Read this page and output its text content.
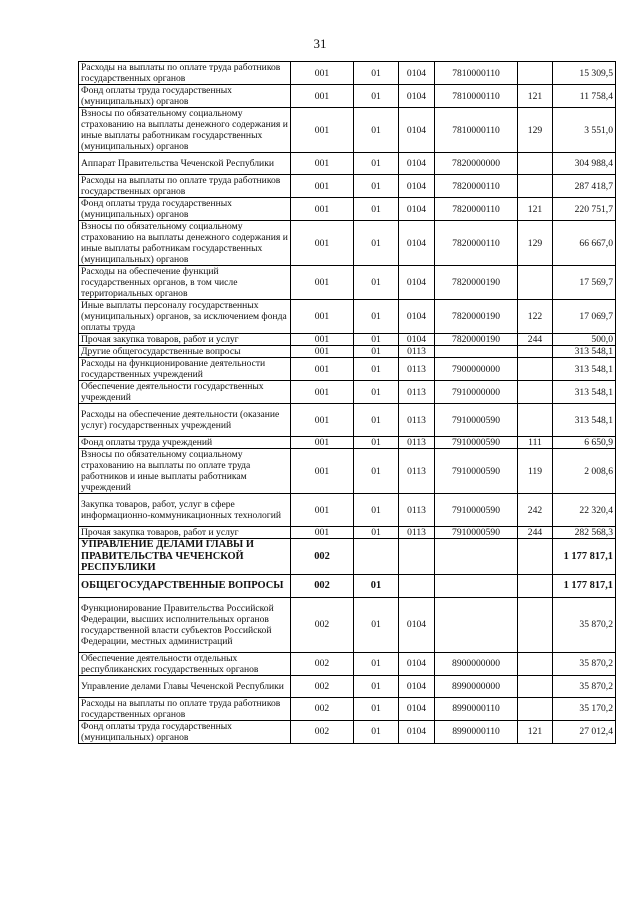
31
Расходы на выплаты по оплате труда работников государственных органов	001	01	0104	7810000110		15 309,5
Фонд оплаты труда государственных (муниципальных) органов	001	01	0104	7810000110	121	11 758,4
Взносы по обязательному социальному страхованию на выплаты денежного содержания и иные выплаты работникам государственных (муниципальных) органов	001	01	0104	7810000110	129	3 551,0
Аппарат Правительства Чеченской Республики	001	01	0104	7820000000		304 988,4
Расходы на выплаты по оплате труда работников государственных органов	001	01	0104	7820000110		287 418,7
Фонд оплаты труда государственных (муниципальных) органов	001	01	0104	7820000110	121	220 751,7
Взносы по обязательному социальному страхованию на выплаты денежного содержания и иные выплаты работникам государственных (муниципальных) органов	001	01	0104	7820000110	129	66 667,0
Расходы на обеспечение функций государственных органов, в том числе территориальных органов	001	01	0104	7820000190		17 569,7
Иные выплаты персоналу государственных (муниципальных) органов, за исключением фонда оплаты труда	001	01	0104	7820000190	122	17 069,7
Прочая закупка товаров, работ и услуг	001	01	0104	7820000190	244	500,0
Другие общегосударственные вопросы	001	01	0113			313 548,1
Расходы на функционирование деятельности государственных учреждений	001	01	0113	7900000000		313 548,1
Обеспечение деятельности государственных учреждений	001	01	0113	7910000000		313 548,1
Расходы на обеспечение деятельности (оказание услуг) государственных учреждений	001	01	0113	7910000590		313 548,1
Фонд оплаты труда учреждений	001	01	0113	7910000590	111	6 650,9
Взносы по обязательному социальному страхованию на выплаты по оплате труда работников и иные выплаты работникам учреждений	001	01	0113	7910000590	119	2 008,6
Закупка товаров, работ, услуг в сфере информационно-коммуникационных технологий	001	01	0113	7910000590	242	22 320,4
Прочая закупка товаров, работ и услуг	001	01	0113	7910000590	244	282 568,3
УПРАВЛЕНИЕ ДЕЛАМИ ГЛАВЫ И ПРАВИТЕЛЬСТВА ЧЕЧЕНСКОЙ РЕСПУБЛИКИ	002					1 177 817,1
ОБЩЕГОСУДАРСТВЕННЫЕ ВОПРОСЫ	002	01				1 177 817,1
Функционирование Правительства Российской Федерации, высших исполнительных органов государственной власти субъектов Российской Федерации, местных администраций	002	01	0104			35 870,2
Обеспечение деятельности отдельных республиканских государственных органов	002	01	0104	8900000000		35 870,2
Управление делами Главы Чеченской Республики	002	01	0104	8990000000		35 870,2
Расходы на выплаты по оплате труда работников государственных органов	002	01	0104	8990000110		35 170,2
Фонд оплаты труда государственных (муниципальных) органов	002	01	0104	8990000110	121	27 012,4
